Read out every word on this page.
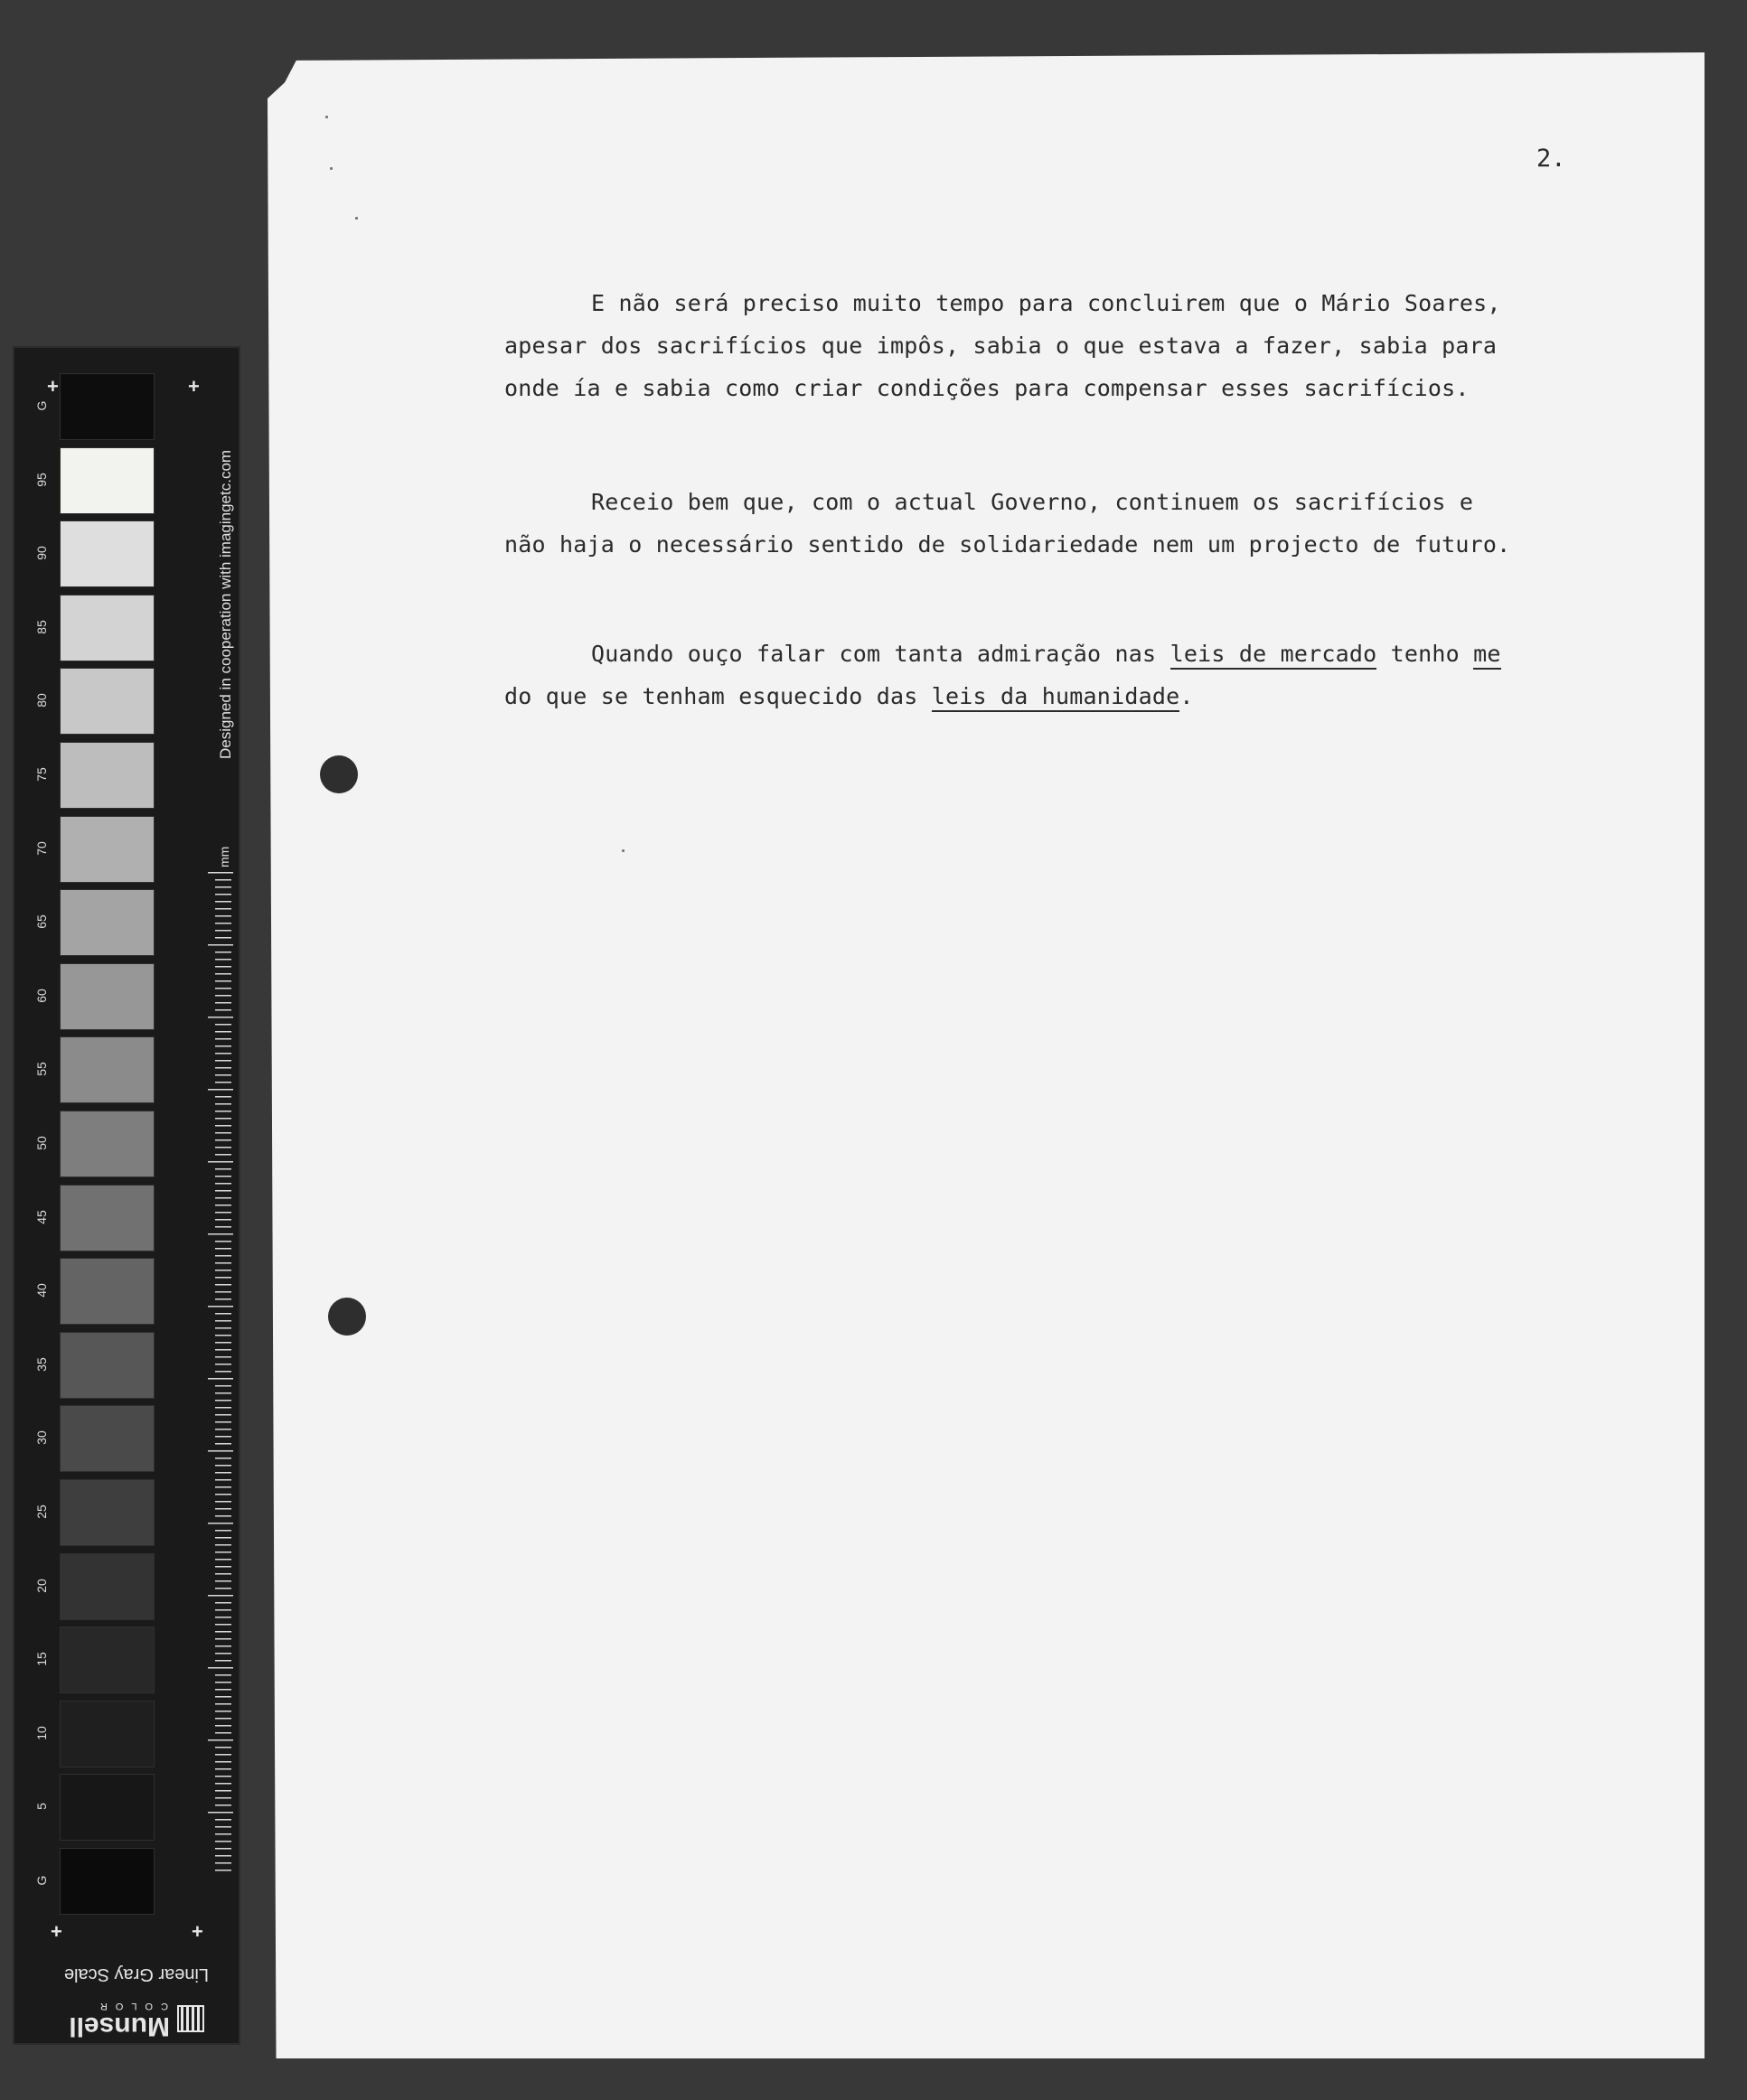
+	+
G
95
90
85
80
75
70
65
60
55
50
45
40
35
30
25
20
15
10
5
G
+	+
Designed in cooperation with imagingetc.com
mm
Linear Gray Scale
Munsell
COLOR
2.
E não será preciso muito tempo para concluirem que o Mário Soares,
apesar dos sacrifícios que impôs, sabia o que estava a fazer, sabia para
onde ía e sabia como criar condições para compensar esses sacrifícios.
Receio bem que, com o actual Governo, continuem os sacrifícios e
não haja o necessário sentido de solidariedade nem um projecto de futuro.
Quando ouço falar com tanta admiração nas leis de mercado tenho me
do que se tenham esquecido das leis da humanidade.
